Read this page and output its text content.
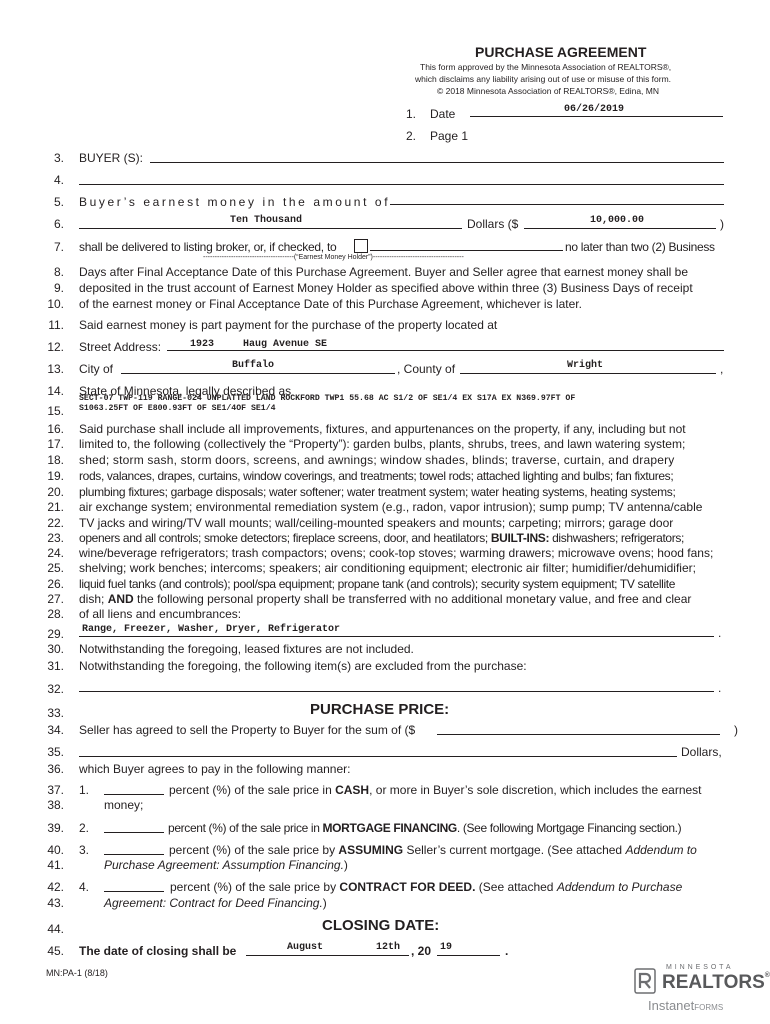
PURCHASE AGREEMENT
This form approved by the Minnesota Association of REALTORS®,
which disclaims any liability arising out of use or misuse of this form.
© 2018 Minnesota Association of REALTORS®, Edina, MN
1. Date	06/26/2019
2. Page 1
3.
4.
5.
6.
7.
8.
9.
10.
11.
12.
13.
14.
15.
16.
17.
18.
19.
20.
21.
22.
23.
24.
25.
26.
27.
28.
29.
30.
31.
32.
33.
34.
35.
36.
37.
38.
39.
40.
41.
42.
43.
44.
45.
BUYER (S):
Buyer’s earnest money in the amount of
Ten Thousand	Dollars ($	10,000.00	)
shall be delivered to listing broker, or, if checked, to	no later than two (2) Business
---------------------------------------(“Earnest Money Holder”)---------------------------------------
Days after Final Acceptance Date of this Purchase Agreement. Buyer and Seller agree that earnest money shall be
deposited in the trust account of Earnest Money Holder as specified above within three (3) Business Days of receipt
of the earnest money or Final Acceptance Date of this Purchase Agreement, whichever is later.
Said earnest money is part payment for the purchase of the property located at
Street Address:	1923	Haug Avenue SE
City of	Buffalo	, County of	Wright	,
State of Minnesota, legally described as
SECT-07 TWP-119 RANGE-024 UNPLATTED LAND ROCKFORD TWP1 55.68 AC S1/2 OF SE1/4 EX S17A EX N369.97FT OF
S1063.25FT OF E800.93FT OF SE1/4OF SE1/4
Said purchase shall include all improvements, fixtures, and appurtenances on the property, if any, including but not
limited to, the following (collectively the “Property”): garden bulbs, plants, shrubs, trees, and lawn watering system;
shed; storm sash, storm doors, screens, and awnings; window shades, blinds; traverse, curtain, and drapery
rods, valances, drapes, curtains, window coverings, and treatments; towel rods; attached lighting and bulbs; fan fixtures;
plumbing fixtures; garbage disposals; water softener; water treatment system; water heating systems, heating systems;
air exchange system; environmental remediation system (e.g., radon, vapor intrusion); sump pump; TV antenna/cable
TV jacks and wiring/TV wall mounts; wall/ceiling-mounted speakers and mounts; carpeting; mirrors; garage door
openers and all controls; smoke detectors; fireplace screens, door, and heatilators; BUILT-INS: dishwashers; refrigerators;
wine/beverage refrigerators; trash compactors; ovens; cook-top stoves; warming drawers; microwave ovens; hood fans;
shelving; work benches; intercoms; speakers; air conditioning equipment; electronic air filter; humidifier/dehumidifier;
liquid fuel tanks (and controls); pool/spa equipment; propane tank (and controls); security system equipment; TV satellite
dish; AND the following personal property shall be transferred with no additional monetary value, and free and clear
of all liens and encumbrances:
Range, Freezer, Washer, Dryer, Refrigerator	.
Notwithstanding the foregoing, leased fixtures are not included.
Notwithstanding the foregoing, the following item(s) are excluded from the purchase:
.
PURCHASE PRICE:
Seller has agreed to sell the Property to Buyer for the sum of ($	)
Dollars,
which Buyer agrees to pay in the following manner:
1.	percent (%) of the sale price in CASH, or more in Buyer’s sole discretion, which includes the earnest
money;
2.	percent (%) of the sale price in MORTGAGE FINANCING. (See following Mortgage Financing section.)
3.	percent (%) of the sale price by ASSUMING Seller’s current mortgage. (See attached Addendum to
Purchase Agreement: Assumption Financing.)
4.	percent (%) of the sale price by CONTRACT FOR DEED. (See attached Addendum to Purchase
Agreement: Contract for Deed Financing.)
CLOSING DATE:
The date of closing shall be	August	12th , 20 19	.
MN:PA-1 (8/18)
M I N N E S O T A
REALTORS®
InstanetFORMS
